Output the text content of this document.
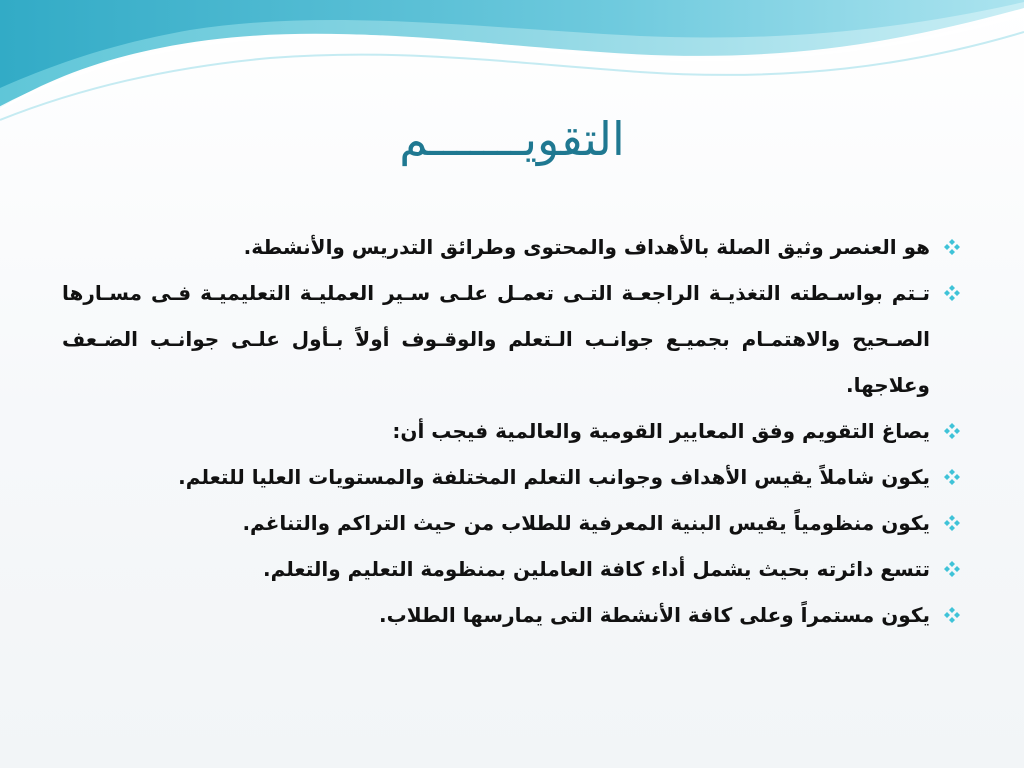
التقويـــــــم
هو العنصر وثيق الصلة بالأهداف والمحتوى وطرائق التدريس والأنشطة.
تـتم بواسـطته التغذيـة الراجعـة التـى تعمـل علـى سـير العمليـة التعليميـة فـى مسـارها الصـحيح والاهتمـام بجميـع جوانـب الـتعلم والوقـوف أولاً بـأول علـى جوانـب الضـعف وعلاجها.
يصاغ التقويم وفق المعايير القومية والعالمية فيجب أن:
يكون شاملاً يقيس الأهداف وجوانب التعلم المختلفة والمستويات العليا للتعلم.
يكون منظومياً يقيس البنية المعرفية للطلاب من حيث التراكم والتناغم.
تتسع دائرته بحيث يشمل أداء كافة العاملين بمنظومة التعليم والتعلم.
يكون مستمراً وعلى كافة الأنشطة التى يمارسها الطلاب.
